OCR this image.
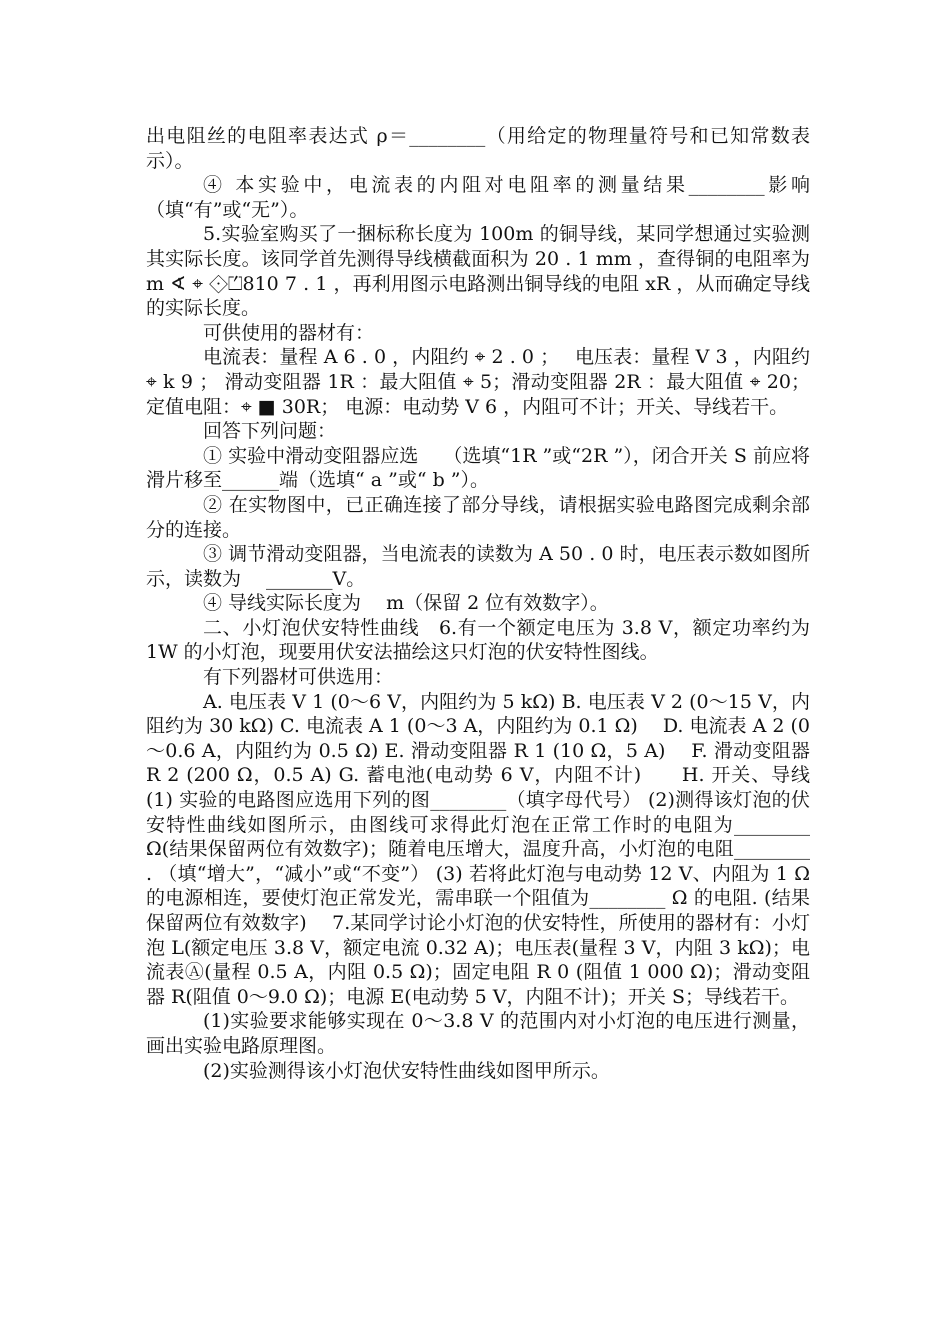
出电阻丝的电阻率表达式 ρ＝________（用给定的物理量符号和已知常数表示）。

④ 本实验中，电流表的内阻对电阻率的测量结果________影响（填“有”或“无”）。

5.实验室购买了一捆标称长度为 100m 的铜导线，某同学想通过实验测其实际长度。该同学首先测得导线横截面积为 20 . 1 mm ，查得铜的电阻率为 m ∢ ⌖ ⟐⏍810 7 . 1 ，再利用图示电路测出铜导线的电阻 xR ，从而确定导线的实际长度。

可供使用的器材有：

电流表：量程 A 6 . 0 ，内阻约 ⌖ 2 . 0 ；　 电压表：量程 V 3 ，内阻约 ⌖ k 9 ； 滑动变阻器 1R ：最大阻值 ⌖ 5；滑动变阻器 2R ：最大阻值 ⌖ 20；定值电阻：⌖ ■ 30R； 电源：电动势 V 6 ，内阻可不计；开关、导线若干。

回答下列问题：

① 实验中滑动变阻器应选　 （选填“1R ”或“2R ”），闭合开关 S 前应将滑片移至______端（选填“ a ”或“ b ”）。

② 在实物图中，已正确连接了部分导线，请根据实验电路图完成剩余部分的连接。

③ 调节滑动变阻器，当电流表的读数为 A 50 . 0 时，电压表示数如图所示，读数为　 _______V。

④ 导线实际长度为　 m（保留 2 位有效数字）。

二、小灯泡伏安特性曲线　6.有一个额定电压为 3.8 V，额定功率约为 1W 的小灯泡，现要用伏安法描绘这只灯泡的伏安特性图线。

有下列器材可供选用：

A. 电压表 V 1 (0～6 V，内阻约为 5 kΩ) B. 电压表 V 2 (0～15 V，内阻约为 30 kΩ) C. 电流表 A 1 (0～3 A，内阻约为 0.1 Ω)　 D. 电流表 A 2 (0～0.6 A，内阻约为 0.5 Ω) E. 滑动变阻器 R 1 (10 Ω，5 A)　 F. 滑动变阻器 R 2 (200 Ω，0.5 A) G. 蓄电池(电动势 6 V，内阻不计)　　H. 开关、导线 (1) 实验的电路图应选用下列的图________（填字母代号） (2)测得该灯泡的伏安特性曲线如图所示，由图线可求得此灯泡在正常工作时的电阻为________ Ω(结果保留两位有效数字)；随着电压增大，温度升高，小灯泡的电阻________ . （填“增大”，“减小”或“不变”） (3) 若将此灯泡与电动势 12 V、内阻为 1 Ω 的电源相连，要使灯泡正常发光，需串联一个阻值为________ Ω 的电阻. (结果保留两位有效数字)　 7.某同学讨论小灯泡的伏安特性，所使用的器材有：小灯泡 L(额定电压 3.8 V，额定电流 0.32 A)；电压表(量程 3 V，内阻 3 kΩ)；电流表Ⓐ(量程 0.5 A，内阻 0.5 Ω)；固定电阻 R 0 (阻值 1 000 Ω)；滑动变阻器 R(阻值 0～9.0 Ω)；电源 E(电动势 5 V，内阻不计)；开关 S；导线若干。

(1)实验要求能够实现在 0～3.8 V 的范围内对小灯泡的电压进行测量，画出实验电路原理图。

(2)实验测得该小灯泡伏安特性曲线如图甲所示。
